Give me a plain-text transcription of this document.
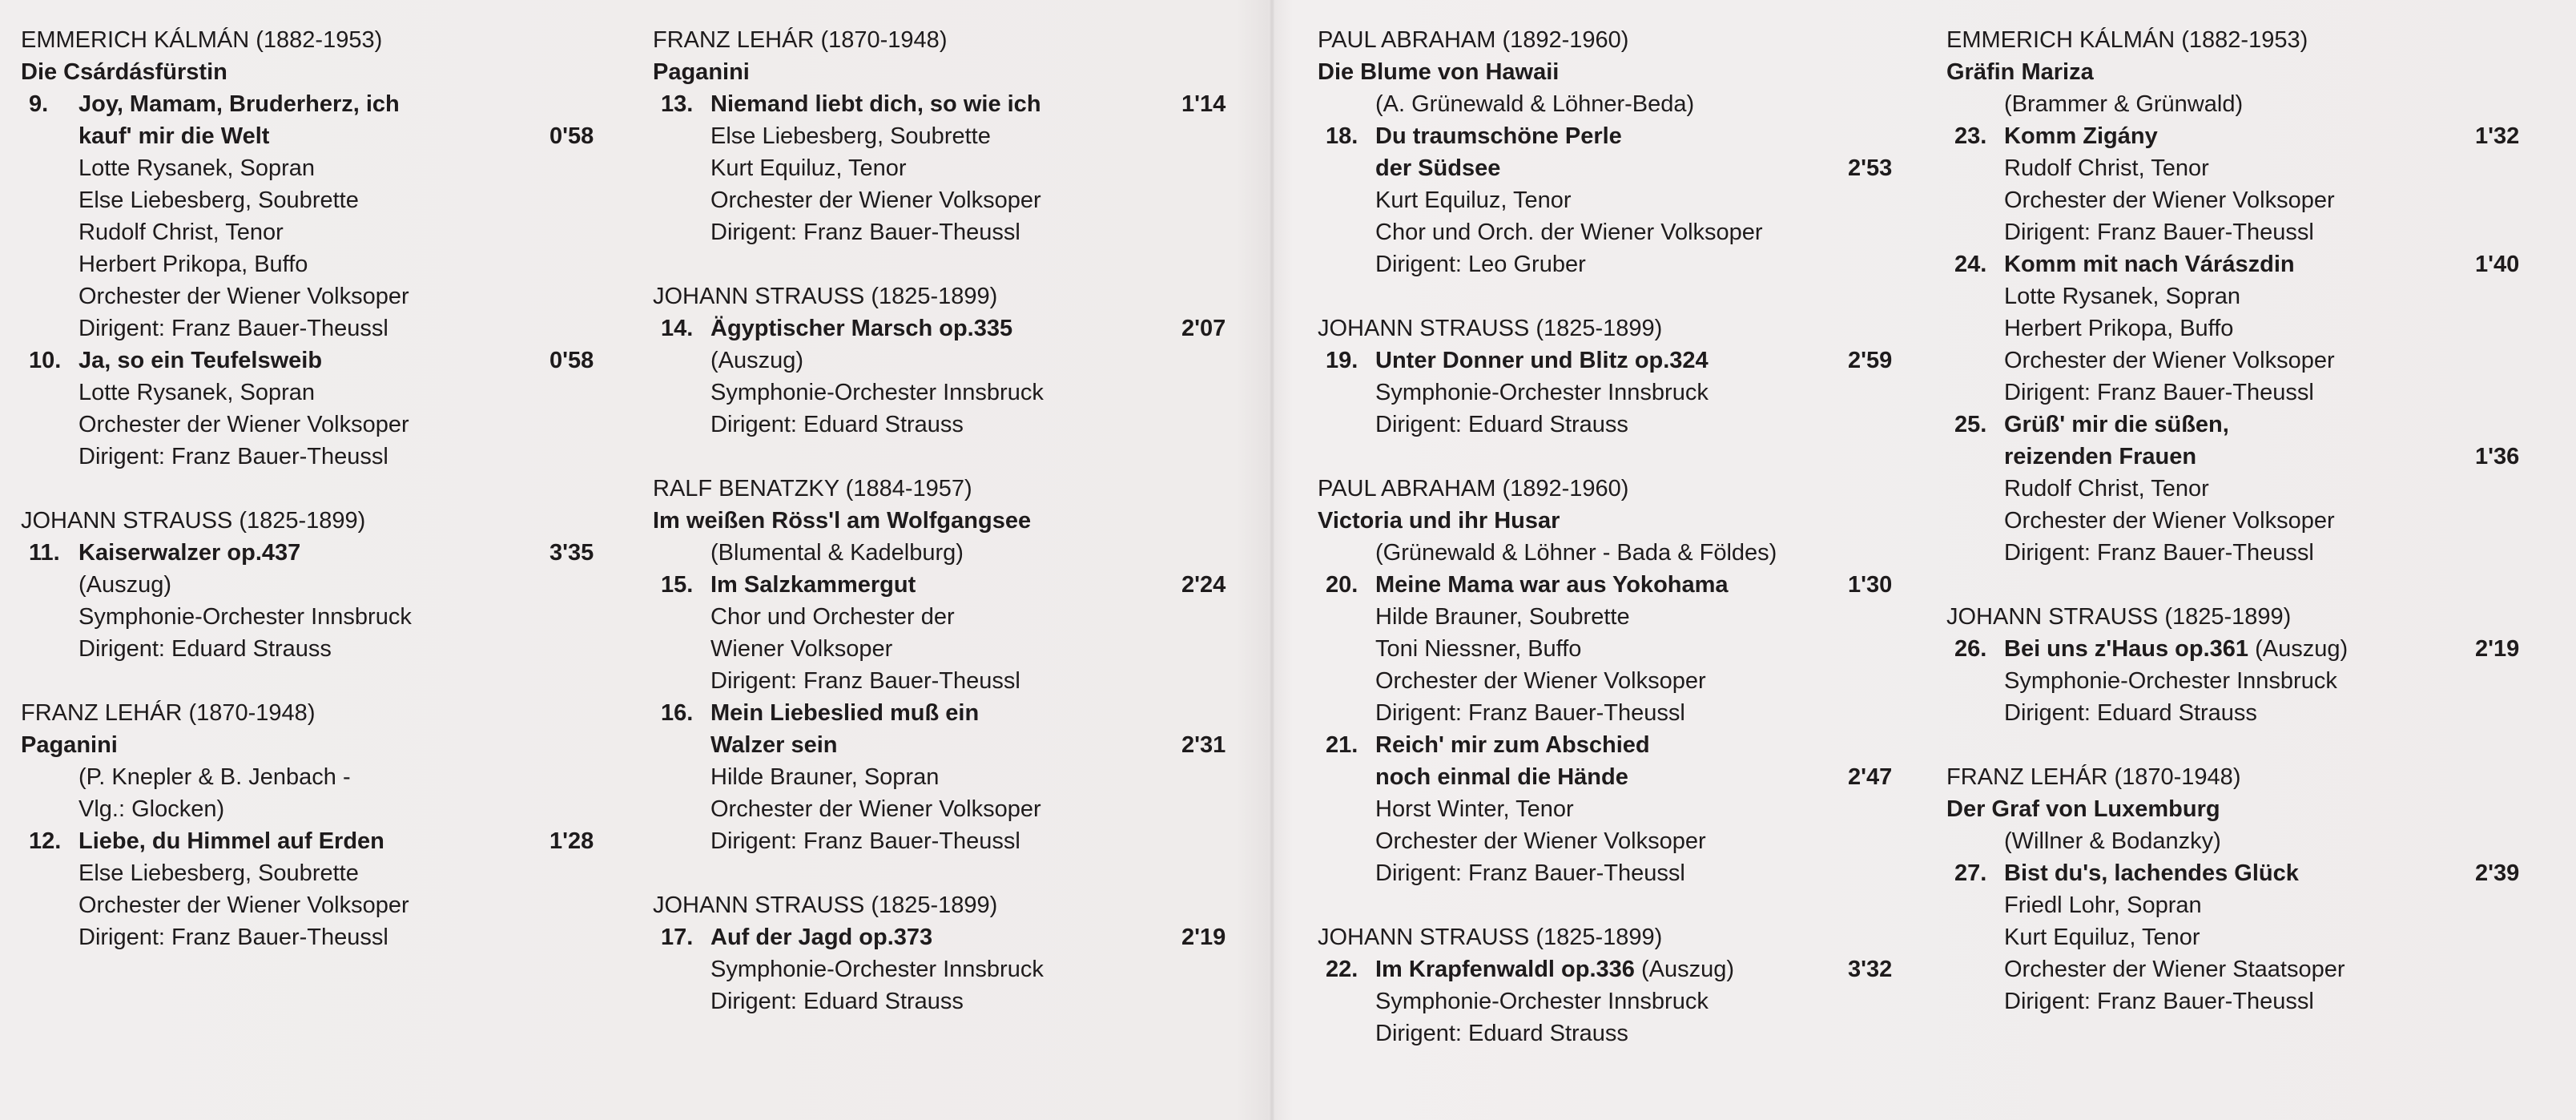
EMMERICH KÁLMÁN (1882-1953)
Die Csárdásfürstin
9. Joy, Mamam, Bruderherz, ich
kauf' mir die Welt	0'58
Lotte Rysanek, Sopran
Else Liebesberg, Soubrette
Rudolf Christ, Tenor
Herbert Prikopa, Buffo
Orchester der Wiener Volksoper
Dirigent: Franz Bauer-Theussl
10. Ja, so ein Teufelsweib	0'58
Lotte Rysanek, Sopran
Orchester der Wiener Volksoper
Dirigent: Franz Bauer-Theussl
JOHANN STRAUSS (1825-1899)
11. Kaiserwalzer op.437	3'35
(Auszug)
Symphonie-Orchester Innsbruck
Dirigent: Eduard Strauss
FRANZ LEHÁR (1870-1948)
Paganini
(P. Knepler & B. Jenbach -
Vlg.: Glocken)
12. Liebe, du Himmel auf Erden	1'28
Else Liebesberg, Soubrette
Orchester der Wiener Volksoper
Dirigent: Franz Bauer-Theussl
FRANZ LEHÁR (1870-1948)
Paganini
13. Niemand liebt dich, so wie ich	1'14
Else Liebesberg, Soubrette
Kurt Equiluz, Tenor
Orchester der Wiener Volksoper
Dirigent: Franz Bauer-Theussl
JOHANN STRAUSS (1825-1899)
14. Ägyptischer Marsch op.335	2'07
(Auszug)
Symphonie-Orchester Innsbruck
Dirigent: Eduard Strauss
RALF BENATZKY (1884-1957)
Im weißen Röss'l am Wolfgangsee
(Blumental & Kadelburg)
15. Im Salzkammergut	2'24
Chor und Orchester der
Wiener Volksoper
Dirigent: Franz Bauer-Theussl
16. Mein Liebeslied muß ein
Walzer sein	2'31
Hilde Brauner, Sopran
Orchester der Wiener Volksoper
Dirigent: Franz Bauer-Theussl
JOHANN STRAUSS (1825-1899)
17. Auf der Jagd op.373	2'19
Symphonie-Orchester Innsbruck
Dirigent: Eduard Strauss
PAUL ABRAHAM (1892-1960)
Die Blume von Hawaii
(A. Grünewald & Löhner-Beda)
18. Du traumschöne Perle
der Südsee	2'53
Kurt Equiluz, Tenor
Chor und Orch. der Wiener Volksoper
Dirigent: Leo Gruber
JOHANN STRAUSS (1825-1899)
19. Unter Donner und Blitz op.324	2'59
Symphonie-Orchester Innsbruck
Dirigent: Eduard Strauss
PAUL ABRAHAM (1892-1960)
Victoria und ihr Husar
(Grünewald & Löhner - Bada & Földes)
20. Meine Mama war aus Yokohama	1'30
Hilde Brauner, Soubrette
Toni Niessner, Buffo
Orchester der Wiener Volksoper
Dirigent: Franz Bauer-Theussl
21. Reich' mir zum Abschied
noch einmal die Hände	2'47
Horst Winter, Tenor
Orchester der Wiener Volksoper
Dirigent: Franz Bauer-Theussl
JOHANN STRAUSS (1825-1899)
22. Im Krapfenwaldl op.336 (Auszug)	3'32
Symphonie-Orchester Innsbruck
Dirigent: Eduard Strauss
EMMERICH KÁLMÁN (1882-1953)
Gräfin Mariza
(Brammer & Grünwald)
23. Komm Zigány	1'32
Rudolf Christ, Tenor
Orchester der Wiener Volksoper
Dirigent: Franz Bauer-Theussl
24. Komm mit nach Várászdin	1'40
Lotte Rysanek, Sopran
Herbert Prikopa, Buffo
Orchester der Wiener Volksoper
Dirigent: Franz Bauer-Theussl
25. Grüß' mir die süßen,
reizenden Frauen	1'36
Rudolf Christ, Tenor
Orchester der Wiener Volksoper
Dirigent: Franz Bauer-Theussl
JOHANN STRAUSS (1825-1899)
26. Bei uns z'Haus op.361 (Auszug)	2'19
Symphonie-Orchester Innsbruck
Dirigent: Eduard Strauss
FRANZ LEHÁR (1870-1948)
Der Graf von Luxemburg
(Willner & Bodanzky)
27. Bist du's, lachendes Glück	2'39
Friedl Lohr, Sopran
Kurt Equiluz, Tenor
Orchester der Wiener Staatsoper
Dirigent: Franz Bauer-Theussl
